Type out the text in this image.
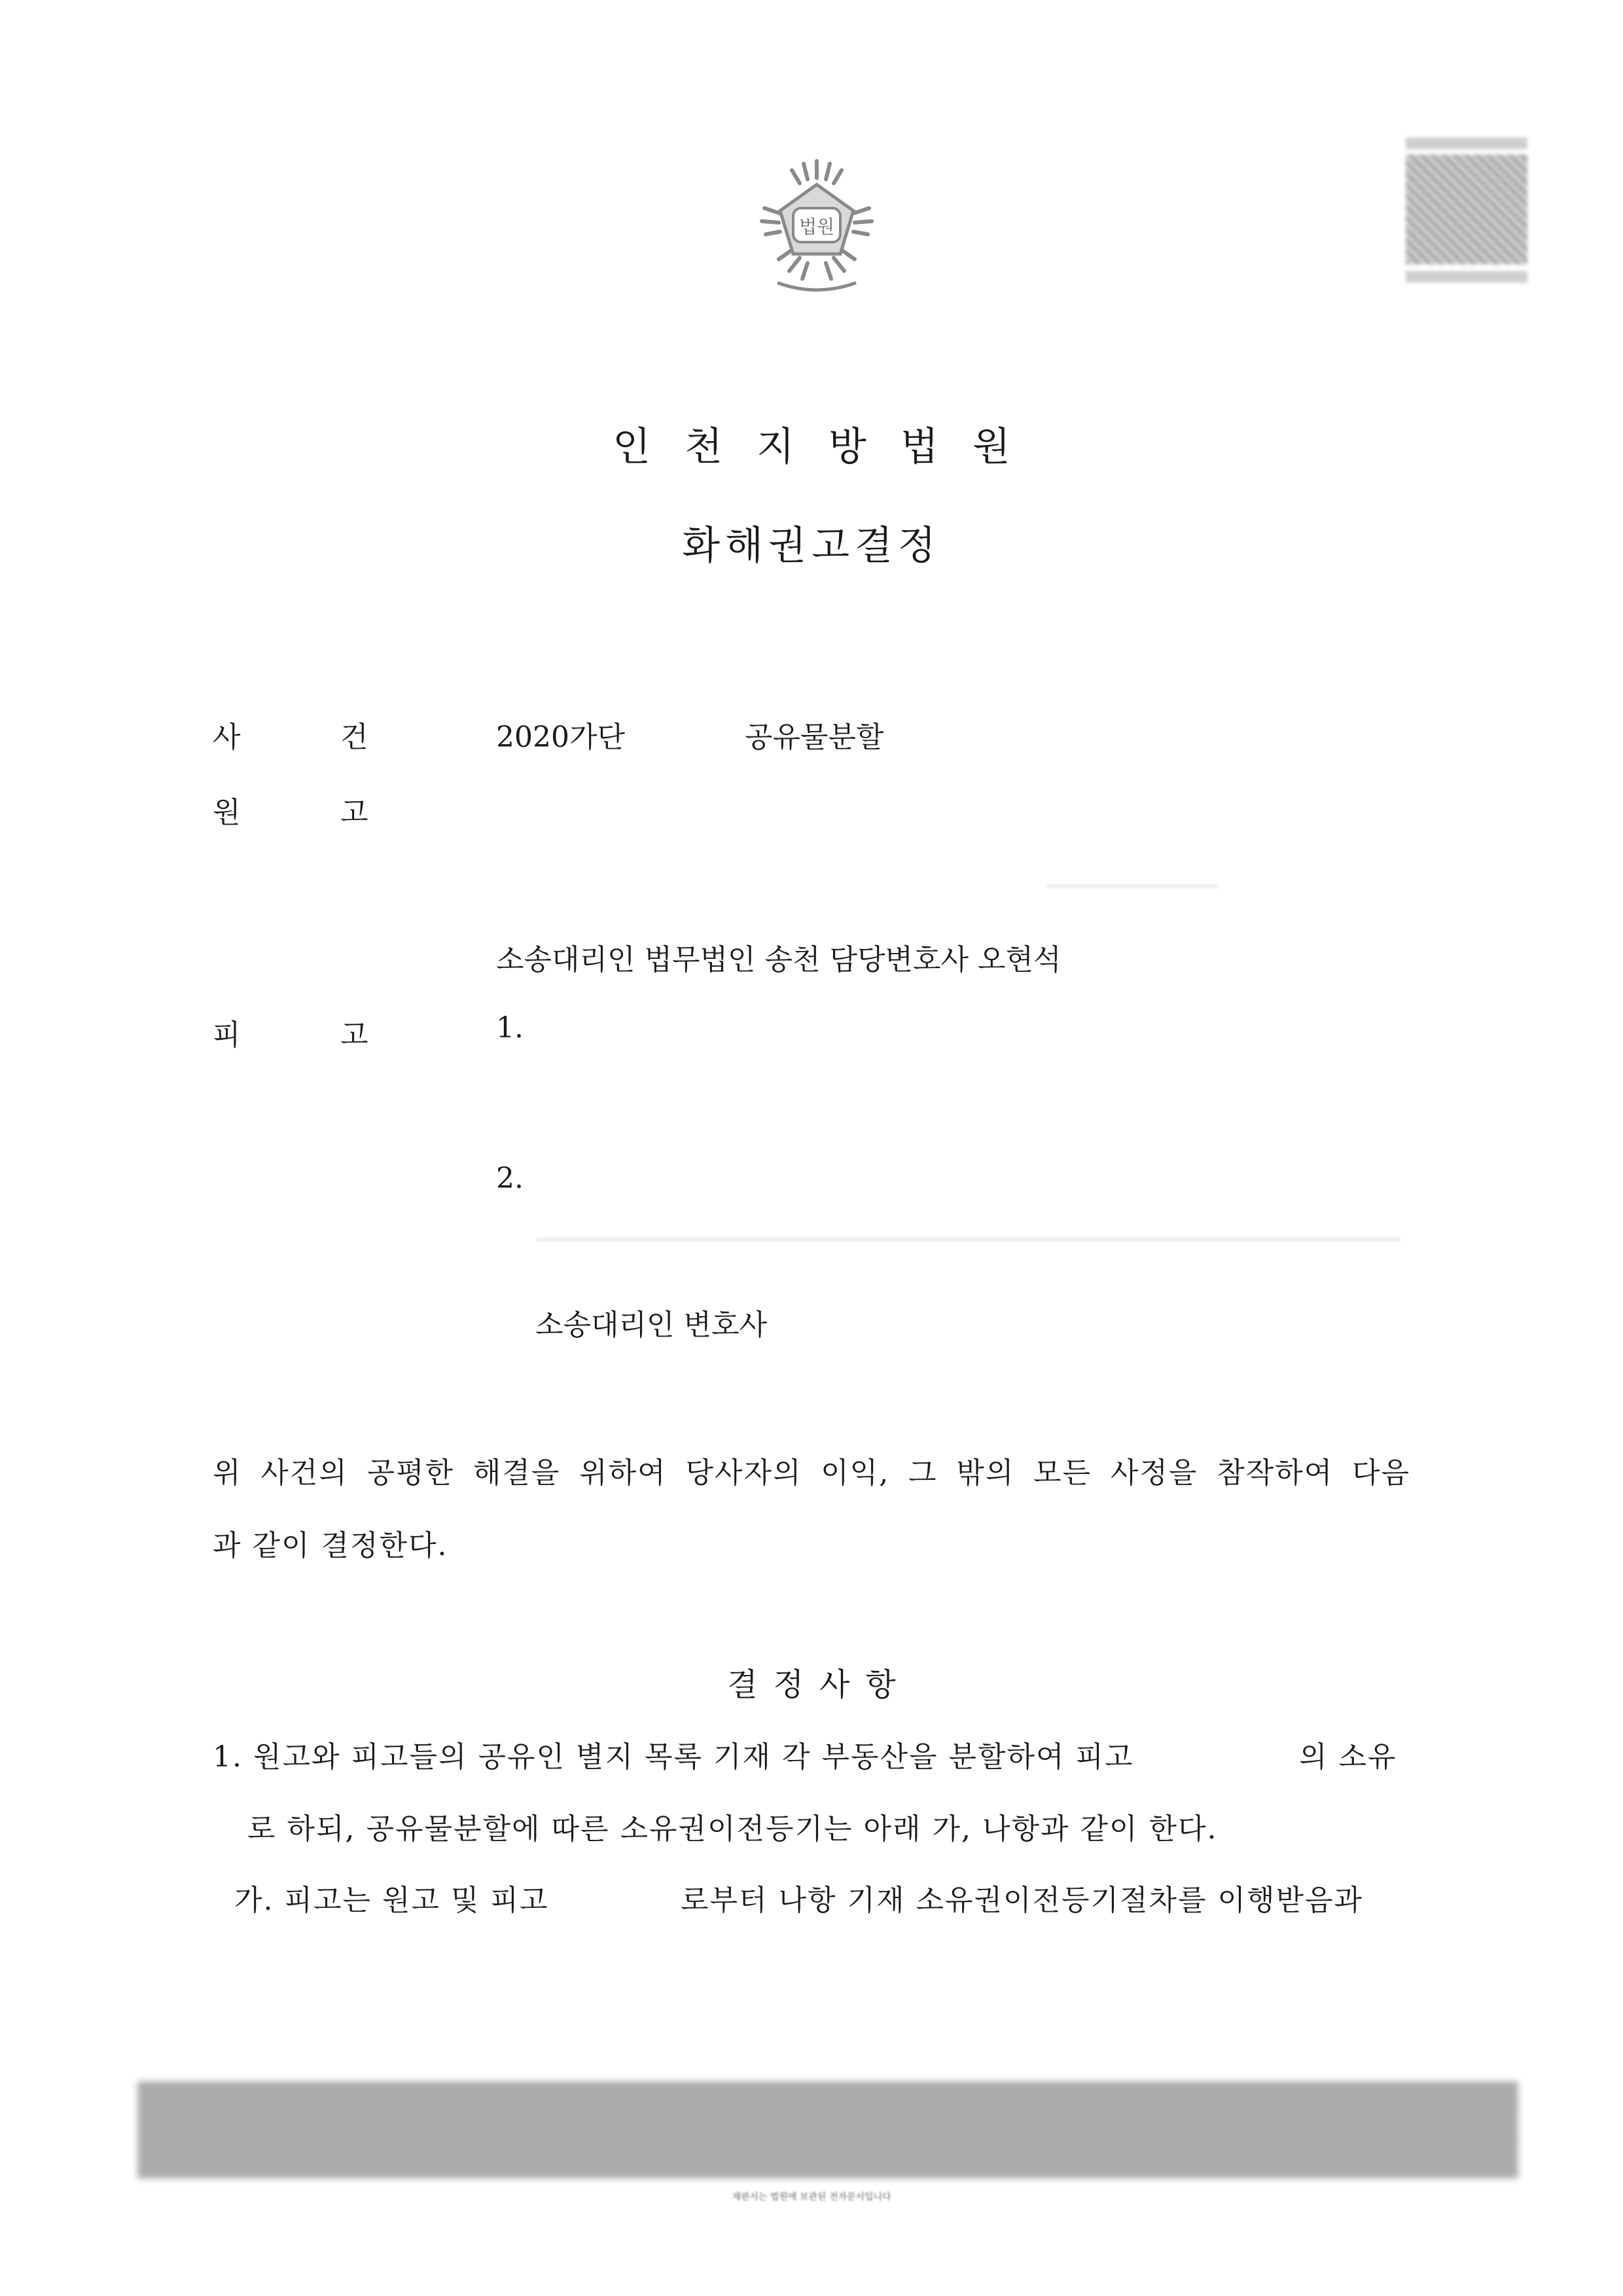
법원
인천지방법원
화해권고결정
사	건	2020가단	공유물분할
원	고
소송대리인 법무법인 송천 담당변호사 오현석
피	고	1.
2.
소송대리인 변호사
위 사건의 공평한 해결을 위하여 당사자의 이익, 그 밖의 모든 사정을 참작하여 다음
과 같이 결정한다.
결정사항
1. 원고와 피고들의 공유인 별지 목록 기재 각 부동산을 분할하여 피고	의 소유
로 하되, 공유물분할에 따른 소유권이전등기는 아래 가, 나항과 같이 한다.
가. 피고는 원고 및 피고	로부터 나항 기재 소유권이전등기절차를 이행받음과
재판서는 법원에 보관된 전자문서입니다
